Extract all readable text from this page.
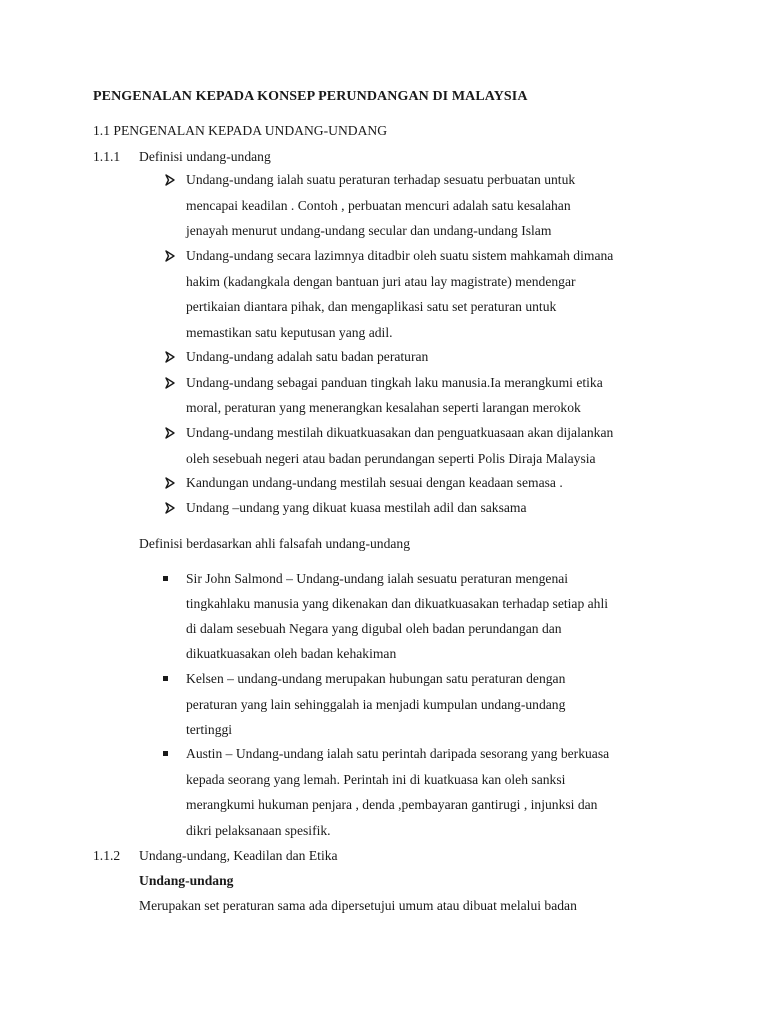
PENGENALAN KEPADA KONSEP PERUNDANGAN DI MALAYSIA
1.1 PENGENALAN KEPADA UNDANG-UNDANG
1.1.1 Definisi undang-undang
Undang-undang ialah suatu peraturan terhadap sesuatu perbuatan untuk
mencapai keadilan . Contoh , perbuatan mencuri adalah satu kesalahan
jenayah menurut undang-undang secular dan undang-undang Islam
Undang-undang secara lazimnya ditadbir oleh suatu sistem mahkamah dimana
hakim (kadangkala dengan bantuan juri atau lay magistrate) mendengar
pertikaian diantara pihak, dan mengaplikasi satu set peraturan untuk
memastikan satu keputusan yang adil.
Undang-undang adalah satu badan peraturan
Undang-undang sebagai panduan tingkah laku manusia.Ia merangkumi etika
moral, peraturan yang menerangkan kesalahan seperti larangan merokok
Undang-undang mestilah dikuatkuasakan dan penguatkuasaan akan dijalankan
oleh sesebuah negeri atau badan perundangan seperti Polis Diraja Malaysia
Kandungan undang-undang mestilah sesuai dengan keadaan semasa .
Undang –undang yang dikuat kuasa mestilah adil dan saksama
Definisi berdasarkan ahli falsafah undang-undang
Sir John Salmond – Undang-undang ialah sesuatu peraturan mengenai
tingkahlaku manusia yang dikenakan dan dikuatkuasakan terhadap setiap ahli
di dalam sesebuah Negara yang digubal oleh badan perundangan dan
dikuatkuasakan oleh badan kehakiman
Kelsen – undang-undang merupakan hubungan satu peraturan dengan
peraturan yang lain sehinggalah ia menjadi kumpulan undang-undang
tertinggi
Austin – Undang-undang ialah satu perintah daripada sesorang yang berkuasa
kepada seorang yang lemah. Perintah ini di kuatkuasa kan oleh sanksi
merangkumi hukuman penjara , denda ,pembayaran gantirugi , injunksi dan
dikri pelaksanaan spesifik.
1.1.2 Undang-undang, Keadilan dan Etika
Undang-undang
Merupakan set peraturan sama ada dipersetujui umum atau dibuat melalui badan
